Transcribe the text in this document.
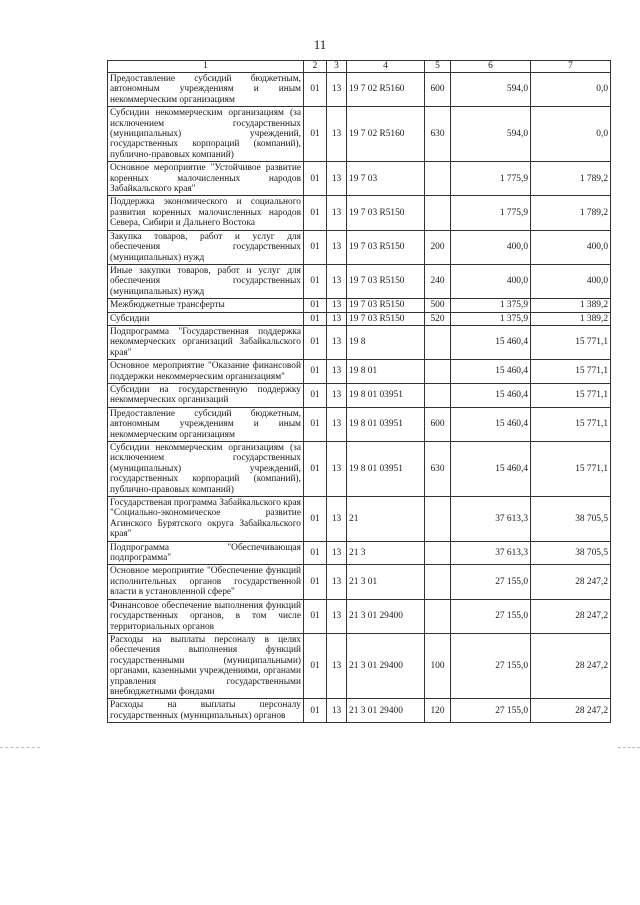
11
1	2	3	4	5	6	7
Предоставление субсидий бюджетным, автономным учреждениям и иным некоммерческим организациям	01	13	19 7 02 R5160	600	594,0	0,0
Субсидии некоммерческим организациям (за исключением государственных (муниципальных) учреждений, государственных корпораций (компаний), публично-правовых компаний)	01	13	19 7 02 R5160	630	594,0	0,0
Основное мероприятие "Устойчивое развитие коренных малочисленных народов Забайкальского края"	01	13	19 7 03		1 775,9	1 789,2
Поддержка экономического и социального развития коренных малочисленных народов Севера, Сибири и Дальнего Востока	01	13	19 7 03 R5150		1 775,9	1 789,2
Закупка товаров, работ и услуг для обеспечения государственных (муниципальных) нужд	01	13	19 7 03 R5150	200	400,0	400,0
Иные закупки товаров, работ и услуг для обеспечения государственных (муниципальных) нужд	01	13	19 7 03 R5150	240	400,0	400,0
Межбюджетные трансферты	01	13	19 7 03 R5150	500	1 375,9	1 389,2
Субсидии	01	13	19 7 03 R5150	520	1 375,9	1 389,2
Подпрограмма "Государственная поддержка некоммерческих организаций Забайкальского края"	01	13	19 8		15 460,4	15 771,1
Основное мероприятие "Оказание финансовой поддержки некоммерческим организациям"	01	13	19 8 01		15 460,4	15 771,1
Субсидии на государственную поддержку некоммерческих организаций	01	13	19 8 01 03951		15 460,4	15 771,1
Предоставление субсидий бюджетным, автономным учреждениям и иным некоммерческим организациям	01	13	19 8 01 03951	600	15 460,4	15 771,1
Субсидии некоммерческим организациям (за исключением государственных (муниципальных) учреждений, государственных корпораций (компаний), публично-правовых компаний)	01	13	19 8 01 03951	630	15 460,4	15 771,1
Государственая программа Забайкальского края "Социально-экономическое развитие Агинского Бурятского округа Забайкальского края"	01	13	21		37 613,3	38 705,5
Подпрограмма "Обеспечивающая подпрограмма"	01	13	21 3		37 613,3	38 705,5
Основное мероприятие "Обеспечение функций исполнительных органов государственной власти в установленной сфере"	01	13	21 3 01		27 155,0	28 247,2
Финансовое обеспечение выполнения функций государственных органов, в том числе территориальных органов	01	13	21 3 01 29400		27 155,0	28 247,2
Расходы на выплаты персоналу в целях обеспечения выполнения функций государственными (муниципальными) органами, казенными учреждениями, органами управления государственными внебюджетными фондами	01	13	21 3 01 29400	100	27 155,0	28 247,2
Расходы на выплаты персоналу государственных (муниципальных) органов	01	13	21 3 01 29400	120	27 155,0	28 247,2
